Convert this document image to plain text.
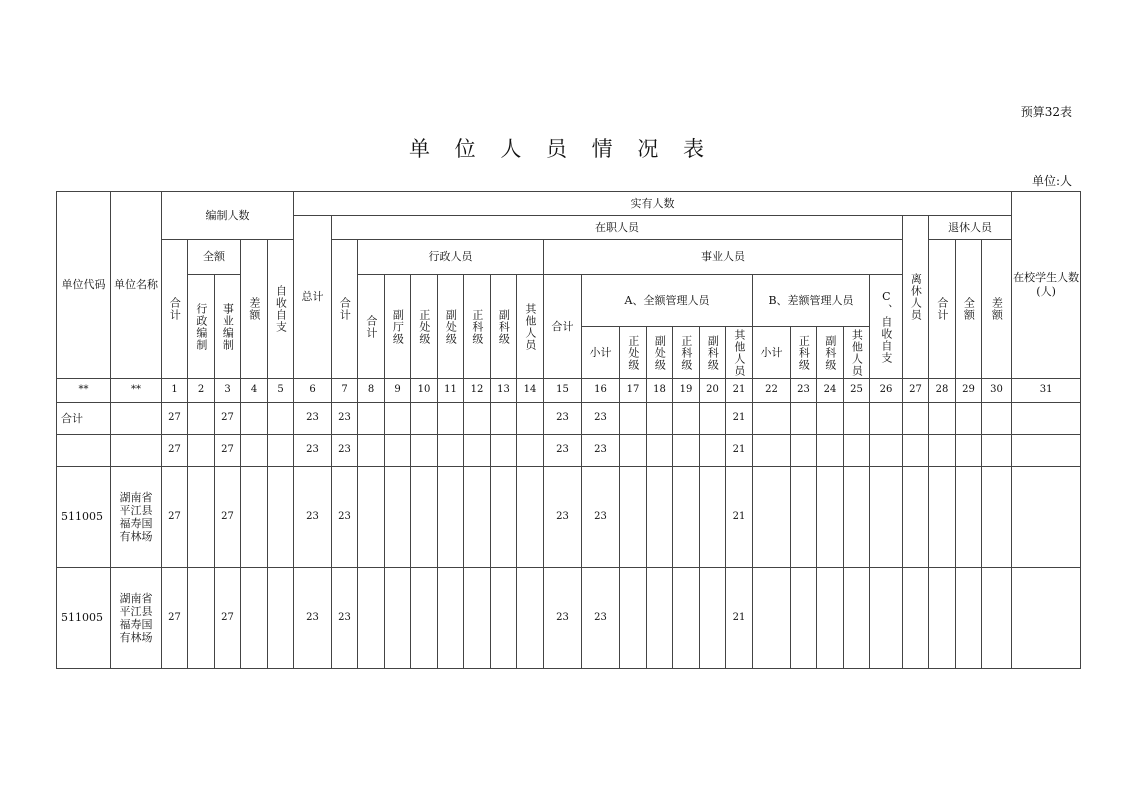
预算32表
单 位 人 员 情 况 表
单位:人
单位代码	单位名称	编制人数					实有人数																									在校学生人数(人)
							总计	在职人员																				离休人员	退休人员			
		合计	全额		差额	自收自支		合计	行政人员							事业人员													合计	全额	差额	
			行政编制	事业编制					合计	副厅级	正处级	副处级	正科级	副科级	其他人员	合计	A、全额管理人员						B、差额管理人员				C、自收自支					
																	小计	正处级	副处级	正科级	副科级	其他人员	小计	正科级	副科级	其他人员						
**	**	1	2	3	4	5	6	7	8	9	10	11	12	13	14	15	16	17	18	19	20	21	22	23	24	25	26	27	28	29	30	31
合计		27		27			23	23								23	23					21										
		27		27			23	23								23	23					21										
511005	湖南省平江县福寿国有林场	27		27			23	23								23	23					21										
511005	湖南省平江县福寿国有林场	27		27			23	23								23	23					21										
